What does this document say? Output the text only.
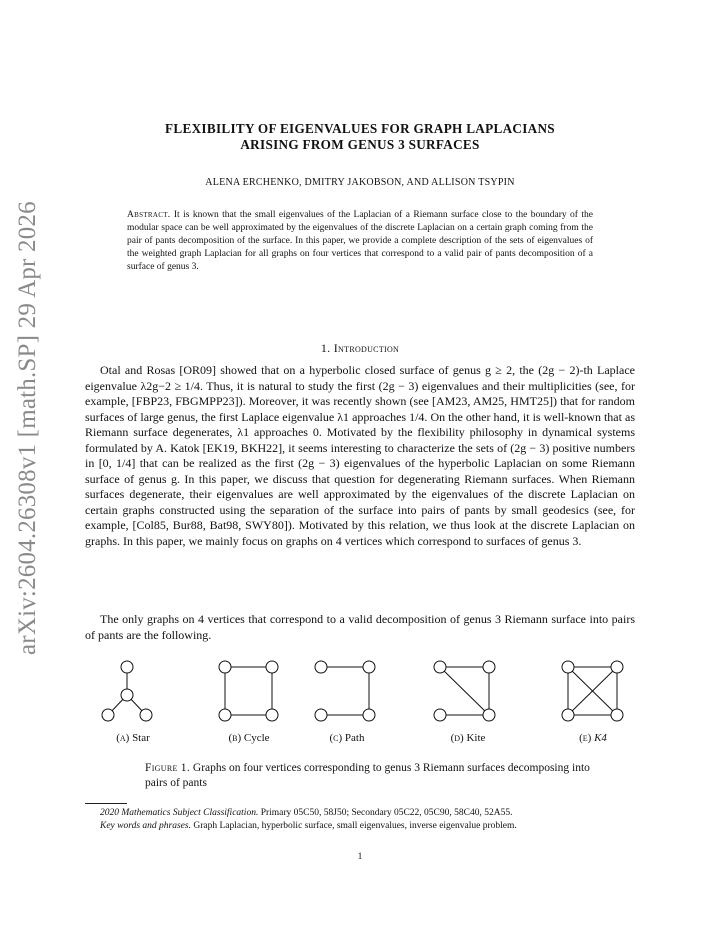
arXiv:2604.26308v1 [math.SP] 29 Apr 2026
FLEXIBILITY OF EIGENVALUES FOR GRAPH LAPLACIANS
ARISING FROM GENUS 3 SURFACES
ALENA ERCHENKO, DMITRY JAKOBSON, AND ALLISON TSYPIN
Abstract. It is known that the small eigenvalues of the Laplacian of a Riemann surface close to the boundary of the modular space can be well approximated by the eigenvalues of the discrete Laplacian on a certain graph coming from the pair of pants decomposition of the surface. In this paper, we provide a complete description of the sets of eigenvalues of the weighted graph Laplacian for all graphs on four vertices that correspond to a valid pair of pants decomposition of a surface of genus 3.
1. Introduction
Otal and Rosas [OR09] showed that on a hyperbolic closed surface of genus g ≥ 2, the (2g − 2)-th Laplace eigenvalue λ2g−2 ≥ 1/4. Thus, it is natural to study the first (2g − 3) eigenvalues and their multiplicities (see, for example, [FBP23, FBGMPP23]). Moreover, it was recently shown (see [AM23, AM25, HMT25]) that for random surfaces of large genus, the first Laplace eigenvalue λ1 approaches 1/4. On the other hand, it is well-known that as Riemann surface degenerates, λ1 approaches 0. Motivated by the flexibility philosophy in dynamical systems formulated by A. Katok [EK19, BKH22], it seems interesting to characterize the sets of (2g − 3) positive numbers in [0, 1/4] that can be realized as the first (2g − 3) eigenvalues of the hyperbolic Laplacian on some Riemann surface of genus g. In this paper, we discuss that question for degenerating Riemann surfaces. When Riemann surfaces degenerate, their eigenvalues are well approximated by the eigenvalues of the discrete Laplacian on certain graphs constructed using the separation of the surface into pairs of pants by small geodesics (see, for example, [Col85, Bur88, Bat98, SWY80]). Motivated by this relation, we thus look at the discrete Laplacian on graphs. In this paper, we mainly focus on graphs on 4 vertices which correspond to surfaces of genus 3.
The only graphs on 4 vertices that correspond to a valid decomposition of genus 3 Riemann surface into pairs of pants are the following.
(a) Star	(b) Cycle	(c) Path	(d) Kite	(e) K4
Figure 1. Graphs on four vertices corresponding to genus 3 Riemann surfaces decomposing into pairs of pants
2020 Mathematics Subject Classification. Primary 05C50, 58J50; Secondary 05C22, 05C90, 58C40, 52A55.
Key words and phrases. Graph Laplacian, hyperbolic surface, small eigenvalues, inverse eigenvalue problem.
1
